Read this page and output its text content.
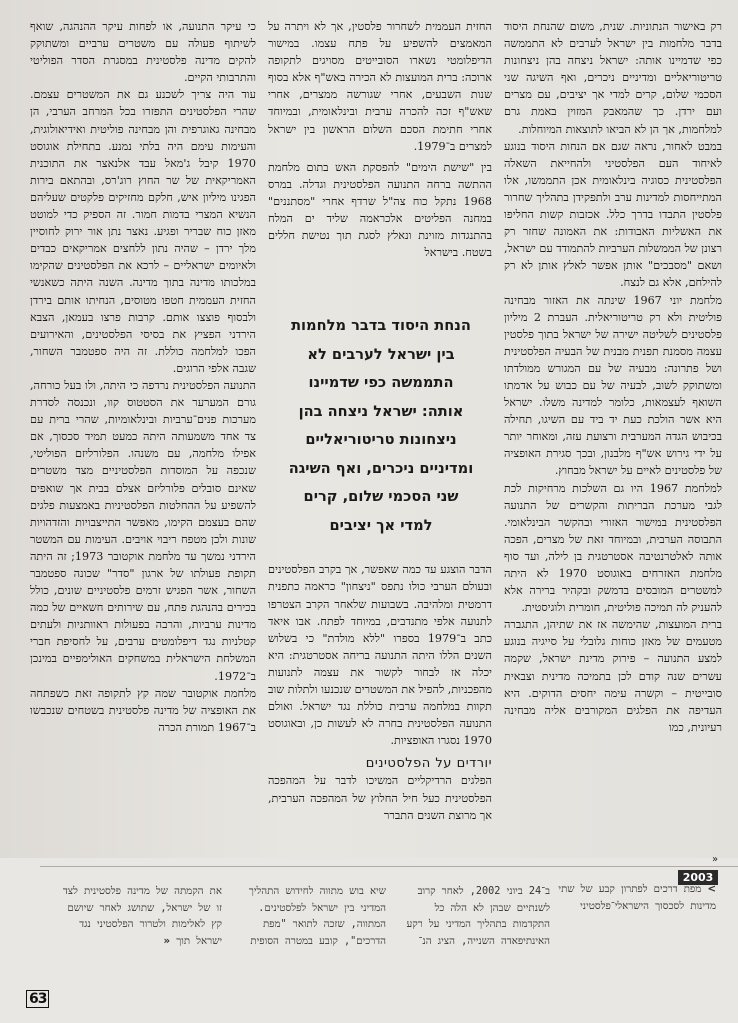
רק באישור הנתוניות. שנית, משום שהנחת היסוד בדבר מלחמות בין ישראל לערבים לא התממשה כפי שדמיינו אותה: ישראל ניצחה בהן ניצחונות טריטוריאליים ומדיניים ניכרים, ואף השיגה שני הסכמי שלום, קרים למדי אך יציבים, עם מצרים ועם ירדן. כך שהמאבק המזוין באמת גרם למלחמות, אך הן לא הביאו לתוצאות המיוחלות.

במבט לאחור, נראה שגם אם הנחות היסוד בנוגע לאיחוד העם הפלסטיני ולהחייאת השאלה הפלסטינית כסוגיה בינלאומית אכן התממשו, אלו המתייחסות למדינות ערב ולתפקידן בתהליך שחרור פלסטין התבדו בדרך כלל. אכזבות קשות החליפו את האשליות האבודות: את האמונה שחזר רק רצונן של הממשלות הערביות להתמודד עם ישראל, ושאם "מסבכים" אותן אפשר לאלץ אותן לא רק להילחם, אלא גם לנצח.

מלחמת יוני 1967 שינתה את האזור מבחינה פוליטית ולא רק טריטוריאלית. העברת 2 מיליון פלסטינים לשליטה ישירה של ישראל בתוך פלסטין עצמה מסמנת תפנית מבנית של הבעיה הפלסטינית ושל פתרונה: מבעיה של עם המגורש ממולדתו ומשתוקק לשוב, לבעיה של עם כבוש על אדמתו השואף לעצמאות, כלומר למדינה משלו. ישראל היא אשר הולכת כעת יד ביד עם השיגו, תחילה בכיבוש הגדה המערבית ורצועת עזה, ומאוחר יותר על ידי גירוש אש"ף מלבנון, ובכך סגירת האופציה של פלסטינים לאיים על ישראל מבחוץ.

למלחמת 1967 היו גם השלכות מרחיקות לכת לגבי מערכת הבריתות והקשרים של התנועה הפלסטינית במישור האזורי ובהקשר הבינלאומי. התבוסה הערבית, ובמיוחד זאת של מצרים, הפכה אותה לאלטרנטיבה אסטרטגית בן לילה, ועד סוף מלחמת האזרחים באוגוסט 1970 לא היתה למשטרים המובסים בדמשק ובקהיר ברירה אלא להעניק לה תמיכה פוליטית, חומרית ולוגיסטית.

ברית המועצות, שהימשה אז את שתיהן, התגברה מטעמים של מאזן כוחות גלובלי על סייגיה בנוגע למצע התנועה – פירוק מדינת ישראל, שקמה עשרים שנה קודם לכן בתמיכה מדינית וצבאית סובייטית – וקשרה עימה יחסים הדוקים. היא העדיפה את הפלגים המקורבים אליה מבחינה רעיונית, כמו

החזית העממית לשחרור פלסטין, אך לא ויתרה על המאמצים להשפיע על פתח עצמו. במישור הדיפלומטי נשארו הסובייטים מסויגים לתקופה ארוכה: ברית המועצות לא הכירה באש"ף אלא בסוף שנות השבעים, אחרי שגורשה ממצרים, אחרי שאש"ף זכה להכרה ערבית ובינלאומית, ובמיוחד אחרי חתימת הסכם השלום הראשון בין ישראל למצרים ב־1979.

בין "שישת הימים" להפסקת האש בתום מלחמת ההתשה ברחה התנועה הפלסטינית וגדלה. במרס 1968 נתקל כוח צה"ל שרדף אחרי "מסתננים" במחנה הפליטים אלכראמה שליד ים המלח בהתנגדות מזוינת ונאלץ לסגת תוך נטישת חללים בשטח. בישראל

הדבר הוצגע עד כמה שאפשר, אך בקרב הפלסטינים ובעולם הערבי כולו נתפס "ניצחון" כראמה כתפנית דרמטית ומלהיבה. בשבועות שלאחר הקרב הצטרפו לתנועה אלפי מתנדבים, במיוחד לפתח. אבו איאד כתב ב־1979 בספרו "ללא מולדת" כי בשלוש השנים הללו היתה התנועה בריחה אסטרטגית: היא יכלה אז לבחור לקשור את עצמה לתנועות מהפכניות, להפיל את המשטרים שנכנעו ולתלות שוב תקוות במלחמה ערבית כוללת נגד ישראל. ואולם התנועה הפלסטינית בחרה לא לעשות כן, ובאוגוסט 1970 נסגרו האופציות.

יורדים על הפלסטינים

הפלגים הרדיקליים המשיכו לדבר על המהפכה הפלסטינית כעל חיל החלוץ של המהפכה הערבית, אך מרוצת השנים התברר

כי עיקר התנועה, או לפחות עיקר ההנהגה, שואף לשיתוף פעולה עם משטרים ערביים ומשתוקק להקים מדינה פלסטינית במסגרת הסדר הפוליטי והתרבותי הקיים.

עוד היה צריך לשכנע גם את המשטרים עצמם. שהרי הפלסטינים התפזרו בכל המרחב הערבי, הן מבחינה גאוגרפית והן מבחינה פוליטית ואידיאולוגית, והעימות עימם היה בלתי נמנע. בתחילת אוגוסט 1970 קיבל ג'מאל עבד אלנאצר את התוכנית האמריקאית של שר החוץ רוג'רס, ובהתאם בירות הפגינו מיליון איש, חלקם מחזיקים פלקטים שעליהם הנשיא המצרי בדמות חמור. זה הספיק כדי למוטט מאזן כוח שבריר ופגיע. נאצר נתן אור ירוק לחוסיין מלך ירדן – שהיה נתון ללחצים אמריקאים כבדים ולאיומים ישראליים – לרכא את הפלסטינים שהקימו במלכותו מדינה בתוך מדינה. השנה היתה כשאנשי החזית העממית חטפו מטוסים, הנחיתו אותם בירדן ולבסוף פוצצו אותם. קרבות פרצו בעמאן, הצבא הירדני הפציץ את בסיסי הפלסטינים, והאירועים הפכו למלחמה כוללת. זה היה ספטמבר השחור, שגבה אלפי הרוגים.

התנועה הפלסטינית נרדפה כי היתה, ולו בעל כורחה, גורם המערער את הסטטוס קוו, ונכנסה לסדרת מערכות פנים־ערביות ובינלאומיות, שהרי ברית עם צד אחד משמעותה היתה כמעט תמיד סכסוך, אם אפילו מלחמה, עם משנהו. הפלורליזם הפוליטי, שנכפה על המוסדות הפלסטיניים מצד משטרים שאינם סובלים פלורליזם אצלם בבית אך שואפים להשפיע על ההחלטות הפלסטיניות באמצעות פלגים שהם בעצמם הקימו, מאפשר התייצבויות והזדהויות שונות ולכן מטפח ריבוי אויבים. העימות עם המשטר הירדני נמשך עד מלחמת אוקטובר 1973; זה היתה תקופת פעולתו של ארגון "סדר" שכונה ספטמבר השחור, אשר הפגיש זרמים פלסטיניים שונים, כולל בכירים בהנהגת פתח, עם שירותים חשאיים של כמה מדינות ערביות, והרבה בפעולות ראוותניות ולעתים קטלניות נגד דיפלומטים ערבים, על לחסיפת חברי המשלחת הישראלית במשחקים האולימפיים במינכן ב־1972.

מלחמת אוקטובר שמה קץ לתקופה זאת כשפתחה את האופציה של מדינה פלסטינית בשטחים שנכבשו ב־1967 תמורת הכרה

הנחת היסוד בדבר מלחמות בין ישראל לערבים לא התממשה כפי שדמיינו אותה: ישראל ניצחה בהן ניצחונות טריטוריאליים ומדיניים ניכרים, ואף השיגה שני הסכמי שלום, קרים למדי אך יציבים
»
2003
> מפת דרכים לפתרון קבע של שתי מדינות לסכסוך הישראלי־פלסטיני
ב־24 ביוני 2002, לאחר קרוב לשנתיים שבהן לא הלה כל התקדמות בתהליך המדיני על רקע האינתיפאדה השנייה, הציג הנ־
שיא בוש מתווה לחידוש התהליך המדיני בין ישראל לפלסטינים. המתווה, שזכה לתואר "מפת הדרכים", קובע במטרה הסופית
את הקמתה של מדינה פלסטינית לצד זו של ישראל, שתושג לאחר שיושם קץ לאלימות ולטרור הפלסטיני נגד ישראל תוך «
63
